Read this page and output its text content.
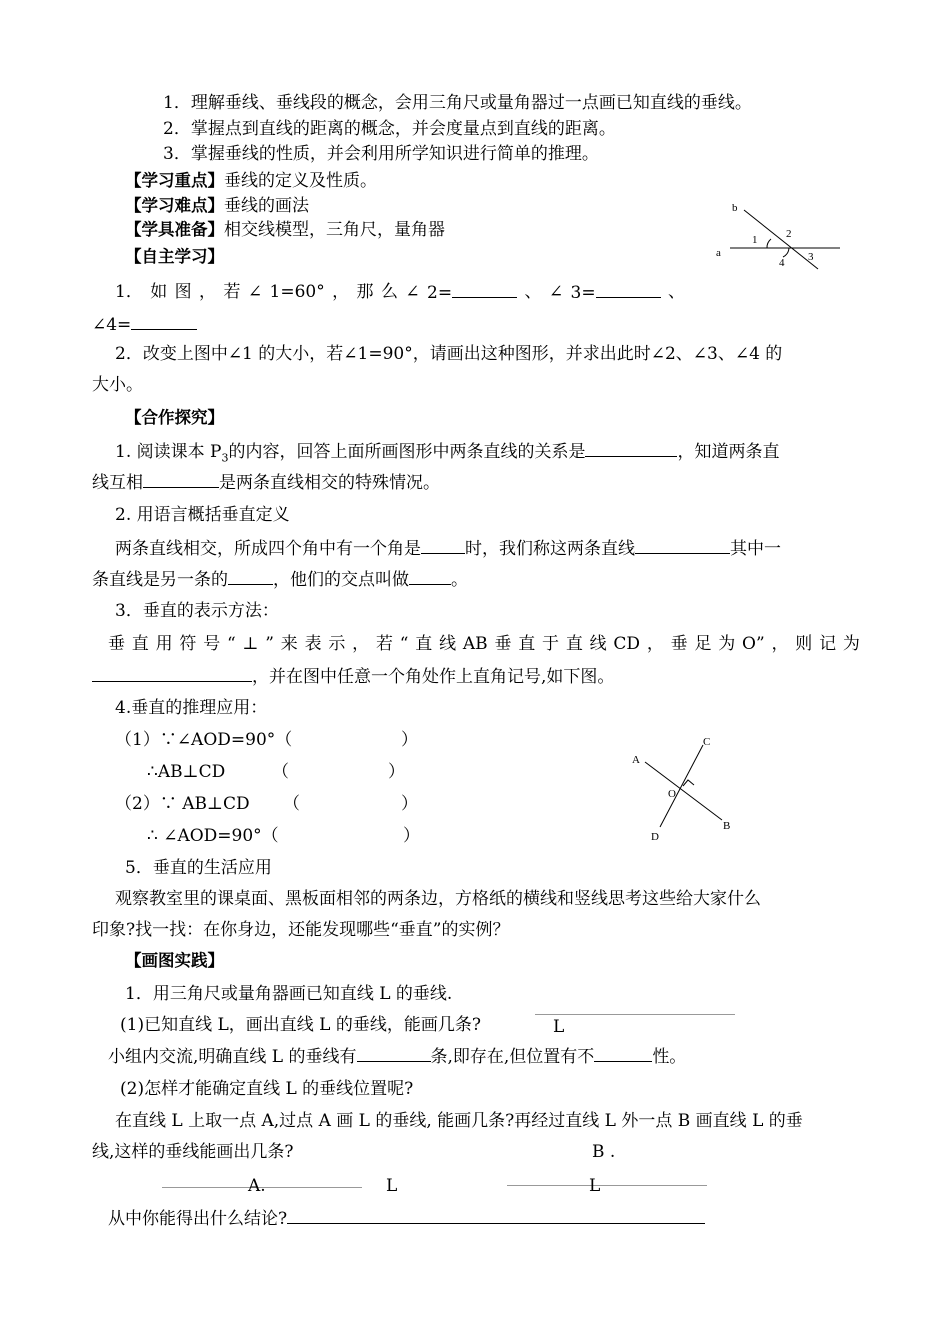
1．理解垂线、垂线段的概念，会用三角尺或量角器过一点画已知直线的垂线。
2．掌握点到直线的距离的概念，并会度量点到直线的距离。
3．掌握垂线的性质，并会利用所学知识进行简单的推理。
【学习重点】垂线的定义及性质。
【学习难点】垂线的画法
【学具准备】相交线模型，三角尺，量角器
【自主学习】
b
a
1	2
3
4
1． 如 图 ， 若 ∠ 1=60° ， 那 么 ∠ 2=	、 ∠ 3=	、
∠4=
2．改变上图中∠1 的大小，若∠1=90°，请画出这种图形，并求出此时∠2、∠3、∠4 的
大小。
【合作探究】
1. 阅读课本 $P_3$的内容，回答上面所画图形中两条直线的关系是	，知道两条直
线互相	是两条直线相交的特殊情况。
2. 用语言概括垂直定义
两条直线相交，所成四个角中有一个角是	时，我们称这两条直线	其中一
条直线是另一条的	，他们的交点叫做 。
3．垂直的表示方法：
垂 直 用 符 号 “ ⊥ ” 来 表 示 ， 若 “ 直 线 AB 垂 直 于 直 线 CD ， 垂 足 为 O” ， 则 记 为
，并在图中任意一个角处作上直角记号,如下图。
4.垂直的推理应用：
（1）∵∠AOD=90°（	）
∴AB⊥CD	（	）
（2）∵ AB⊥CD （	）
∴ ∠AOD=90°（	）
A
C
O
B
D
5．垂直的生活应用
观察教室里的课桌面、黑板面相邻的两条边，方格纸的横线和竖线思考这些给大家什么
印象?找一找：在你身边，还能发现哪些“垂直”的实例？
【画图实践】
1．用三角尺或量角器画已知直线 L 的垂线.
(1)已知直线 L，画出直线 L 的垂线，能画几条?	L
小组内交流,明确直线 L 的垂线有	条,即存在,但位置有不	性。
(2)怎样才能确定直线 L 的垂线位置呢?
在直线 L 上取一点 A,过点 A 画 L 的垂线, 能画几条?再经过直线 L 外一点 B 画直线 L 的垂
线,这样的垂线能画出几条?	B .
A.	L	L
从中你能得出什么结论?
